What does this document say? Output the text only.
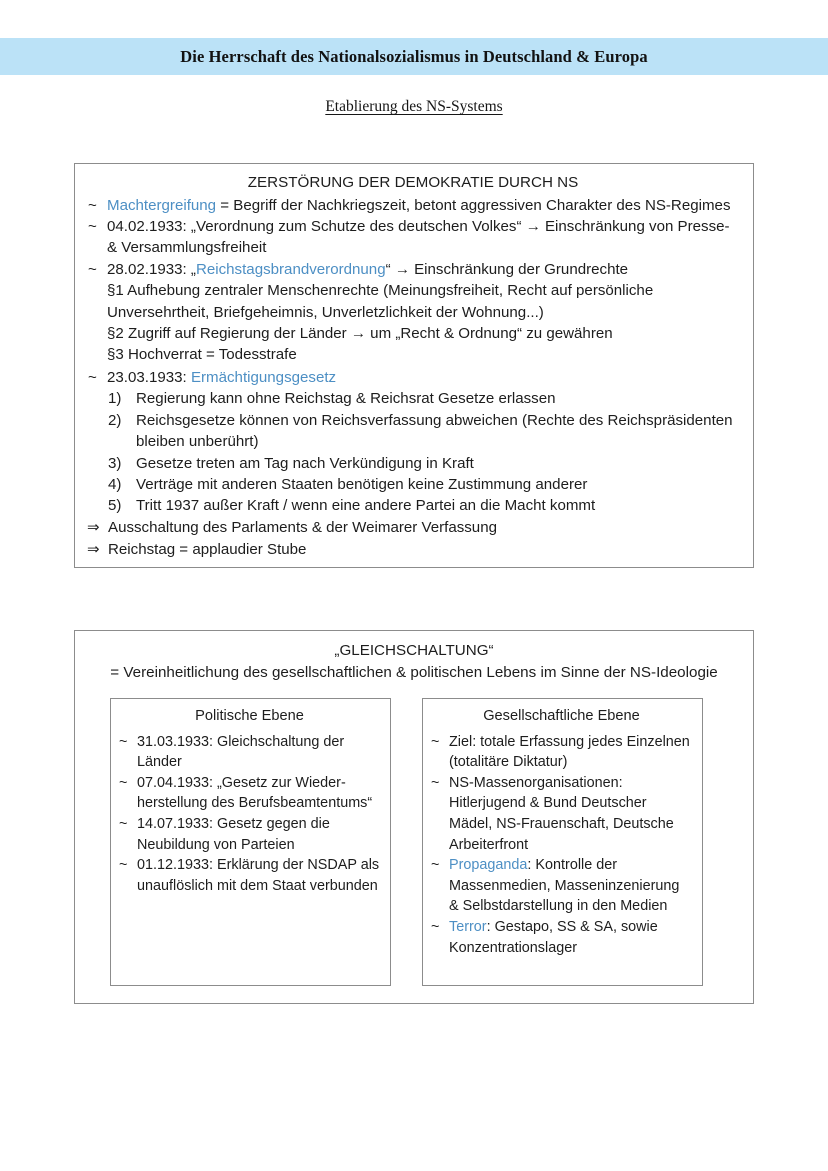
Die Herrschaft des Nationalsozialismus in Deutschland & Europa
Etablierung des NS-Systems
ZERSTÖRUNG DER DEMOKRATIE DURCH NS
~ Machtergreifung = Begriff der Nachkriegszeit, betont aggressiven Charakter des NS-Regimes
~ 04.02.1933: „Verordnung zum Schutze des deutschen Volkes“ → Einschränkung von Presse- & Versammlungsfreiheit
~ 28.02.1933: „Reichstagsbrandverordnung“ → Einschränkung der Grundrechte
§1 Aufhebung zentraler Menschenrechte (Meinungsfreiheit, Recht auf persönliche Unversehrtheit, Briefgeheimnis, Unverletzlichkeit der Wohnung...)
§2 Zugriff auf Regierung der Länder → um „Recht & Ordnung“ zu gewähren
§3 Hochverrat = Todesstrafe
~ 23.03.1933: Ermächtigungsgesetz
1) Regierung kann ohne Reichstag & Reichsrat Gesetze erlassen
2) Reichsgesetze können von Reichsverfassung abweichen (Rechte des Reichspräsidenten bleiben unberührt)
3) Gesetze treten am Tag nach Verkündigung in Kraft
4) Verträge mit anderen Staaten benötigen keine Zustimmung anderer
5) Tritt 1937 außer Kraft / wenn eine andere Partei an die Macht kommt
⇒ Ausschaltung des Parlaments & der Weimarer Verfassung
⇒ Reichstag = applaudier Stube
„GLEICHSCHALTUNG“
= Vereinheitlichung des gesellschaftlichen & politischen Lebens im Sinne der NS-Ideologie
Politische Ebene
~ 31.03.1933: Gleichschaltung der Länder
~ 07.04.1933: „Gesetz zur Wieder-herstellung des Berufsbeamtentums“
~ 14.07.1933: Gesetz gegen die Neubildung von Parteien
~ 01.12.1933: Erklärung der NSDAP als unauflöslich mit dem Staat verbunden
Gesellschaftliche Ebene
~ Ziel: totale Erfassung jedes Einzelnen (totalitäre Diktatur)
~ NS-Massenorganisationen: Hitlerjugend & Bund Deutscher Mädel, NS-Frauenschaft, Deutsche Arbeiterfront
~ Propaganda: Kontrolle der Massenmedien, Masseninzenierung & Selbstdarstellung in den Medien
~ Terror: Gestapo, SS & SA, sowie Konzentrationslager
